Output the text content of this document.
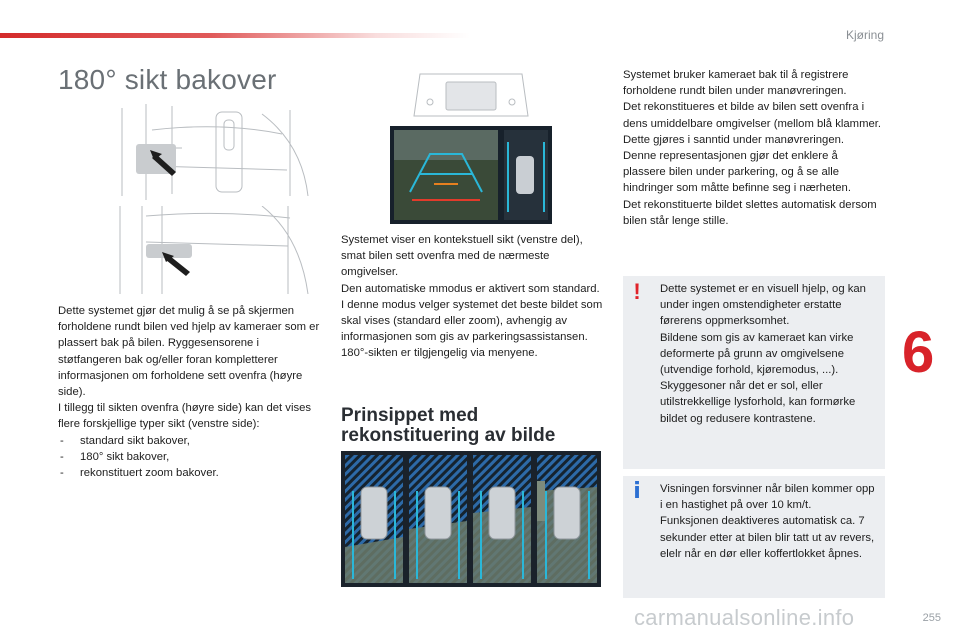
Kjøring
6
180° sikt bakover

Dette systemet gjør det mulig å se på skjermen forholdene rundt bilen ved hjelp av kameraer som er plassert bak på bilen. Ryggesensorene i støtfangeren bak og/eller foran kompletterer informasjonen om forholdene sett ovenfra (høyre side).

I tillegg til sikten ovenfra (høyre side) kan det vises flere forskjellige typer sikt (venstre side):

- standard sikt bakover,
- 180° sikt bakover,
- rekonstituert zoom bakover.

Systemet viser en kontekstuell sikt (venstre del), smat bilen sett ovenfra med de nærmeste omgivelser.

Den automatiske mmodus er aktivert som standard.

I denne modus velger systemet det beste bildet som skal vises (standard eller zoom), avhengig av informasjonen som gis av parkeringsassistansen.

180°-sikten er tilgjengelig via menyene.

Prinsippet med rekonstituering av bilde

Systemet bruker kameraet bak til å registrere forholdene rundt bilen under manøvreringen.

Det rekonstitueres et bilde av bilen sett ovenfra i dens umiddelbare omgivelser (mellom blå klammer. Dette gjøres i sanntid under manøvreringen.

Denne representasjonen gjør det enklere å plassere bilen under parkering, og å se alle hindringer som måtte befinne seg i nærheten.

Det rekonstituerte bildet slettes automatisk dersom bilen står lenge stille.

!	Dette systemet er en visuell hjelp, og kan under ingen omstendigheter erstatte førerens oppmerksomhet.

Bildene som gis av kameraet kan virke deformerte på grunn av omgivelsene (utvendige forhold, kjøremodus, ...).

Skyggesoner når det er sol, eller utilstrekkellige lysforhold, kan formørke bildet og redusere kontrastene.

i	Visningen forsvinner når bilen kommer opp i en hastighet på over 10 km/t.

Funksjonen deaktiveres automatisk ca. 7 sekunder etter at bilen blir tatt ut av revers, elelr når en dør eller koffertlokket åpnes.

carmanualsonline.info	255
